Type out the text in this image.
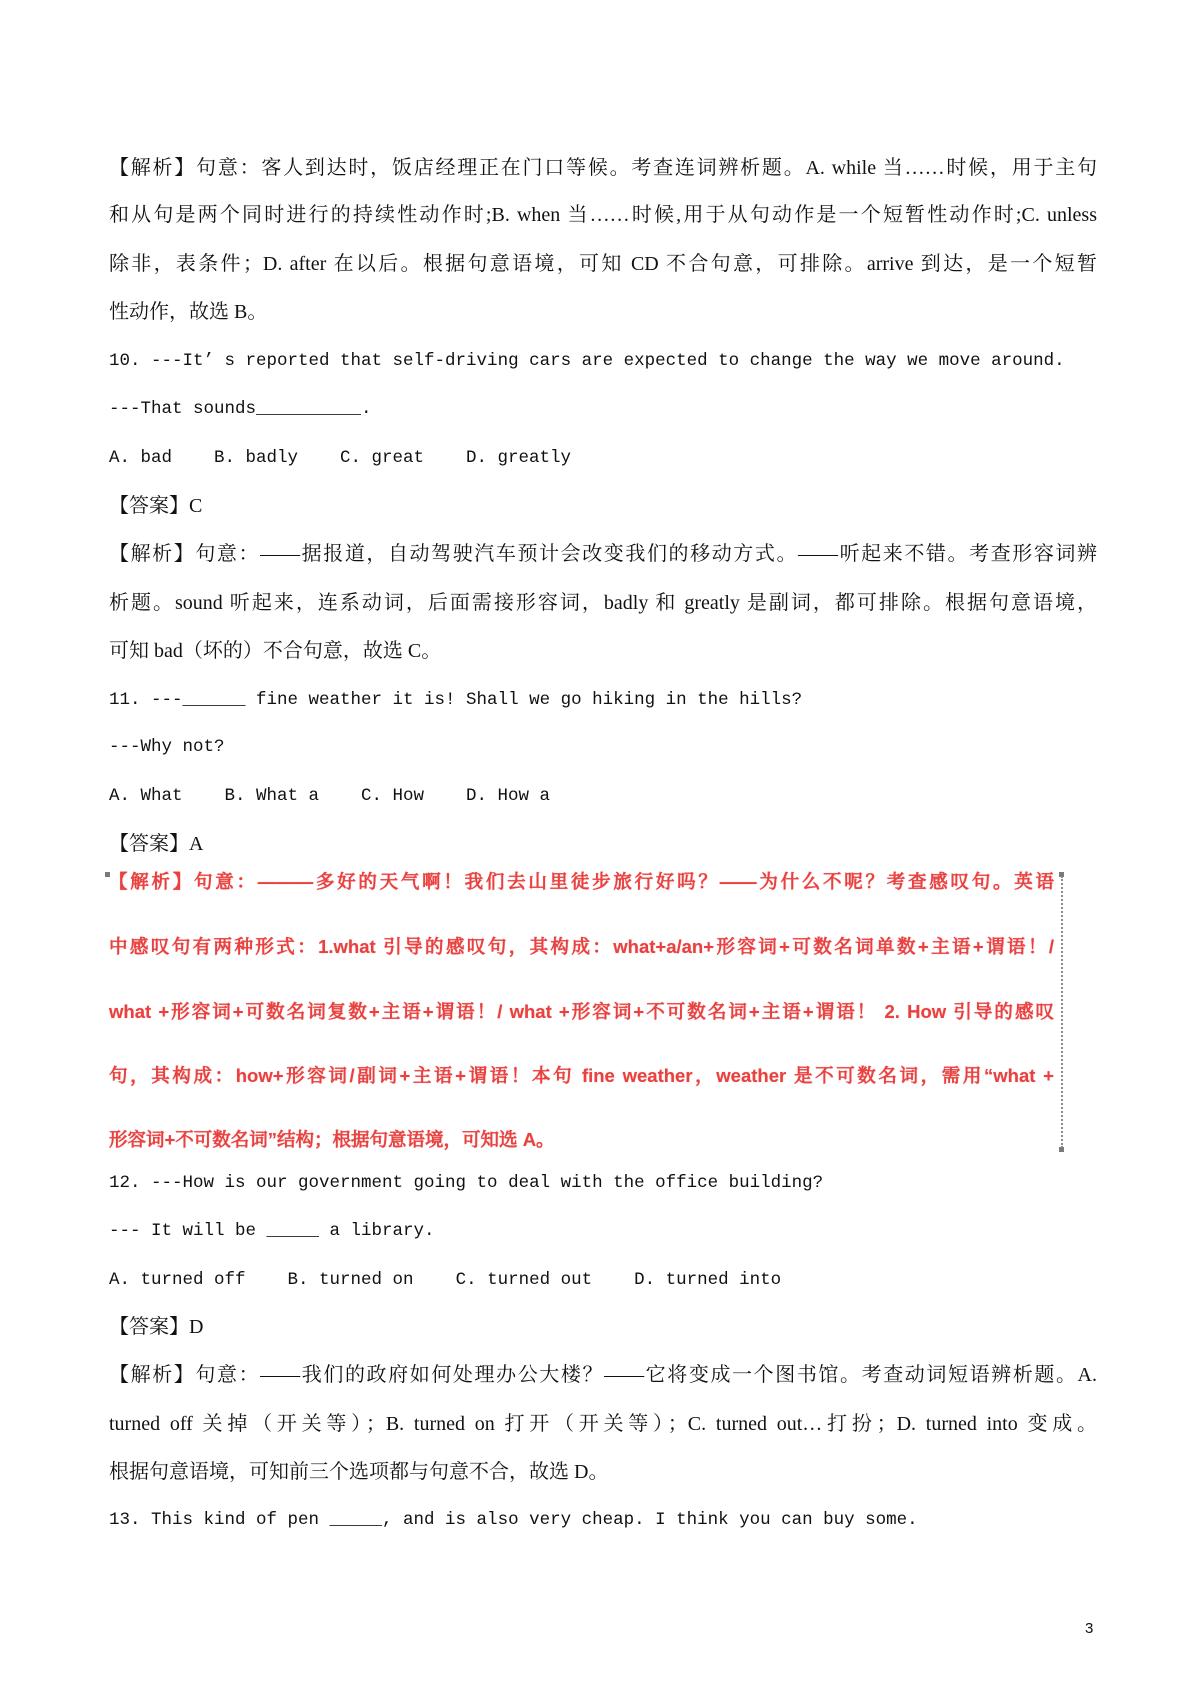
【解析】句意：客人到达时，饭店经理正在门口等候。考查连词辨析题。A. while 当……时候，用于主句
和从句是两个同时进行的持续性动作时;B. when 当……时候,用于从句动作是一个短暂性动作时;C. unless
除非，表条件；D. after 在以后。根据句意语境，可知 CD 不合句意，可排除。arrive 到达，是一个短暂
性动作，故选 B。
10. ---It’ s reported that self-driving cars are expected to change the way we move around.
---That sounds__________.
A. bad B. badly C. great D. greatly
【答案】C
【解析】句意：——据报道，自动驾驶汽车预计会改变我们的移动方式。——听起来不错。考查形容词辨
析题。sound 听起来，连系动词，后面需接形容词，badly 和 greatly 是副词，都可排除。根据句意语境，
可知 bad（坏的）不合句意，故选 C。
11. ---______ fine weather it is! Shall we go hiking in the hills?
---Why not?
A. What B. What a C. How D. How a
【答案】A
【解析】句意：———多好的天气啊！我们去山里徒步旅行好吗？——为什么不呢？考查感叹句。英语
中感叹句有两种形式：1.what 引导的感叹句，其构成：what+a/an+形容词+可数名词单数+主语+谓语！/
what +形容词+可数名词复数+主语+谓语！/ what +形容词+不可数名词+主语+谓语！ 2. How 引导的感叹
句，其构成：how+形容词/副词+主语+谓语！本句 fine weather，weather 是不可数名词，需用“what +
形容词+不可数名词”结构；根据句意语境，可知选 A。
12. ---How is our government going to deal with the office building?
--- It will be _____ a library.
A. turned off B. turned on C. turned out D. turned into
【答案】D
【解析】句意：——我们的政府如何处理办公大楼？——它将变成一个图书馆。考查动词短语辨析题。A.
turned off 关掉（开关等）；B. turned on 打开（开关等）；C. turned out…打扮；D. turned into 变成。
根据句意语境，可知前三个选项都与句意不合，故选 D。
13. This kind of pen _____, and is also very cheap. I think you can buy some.
3
